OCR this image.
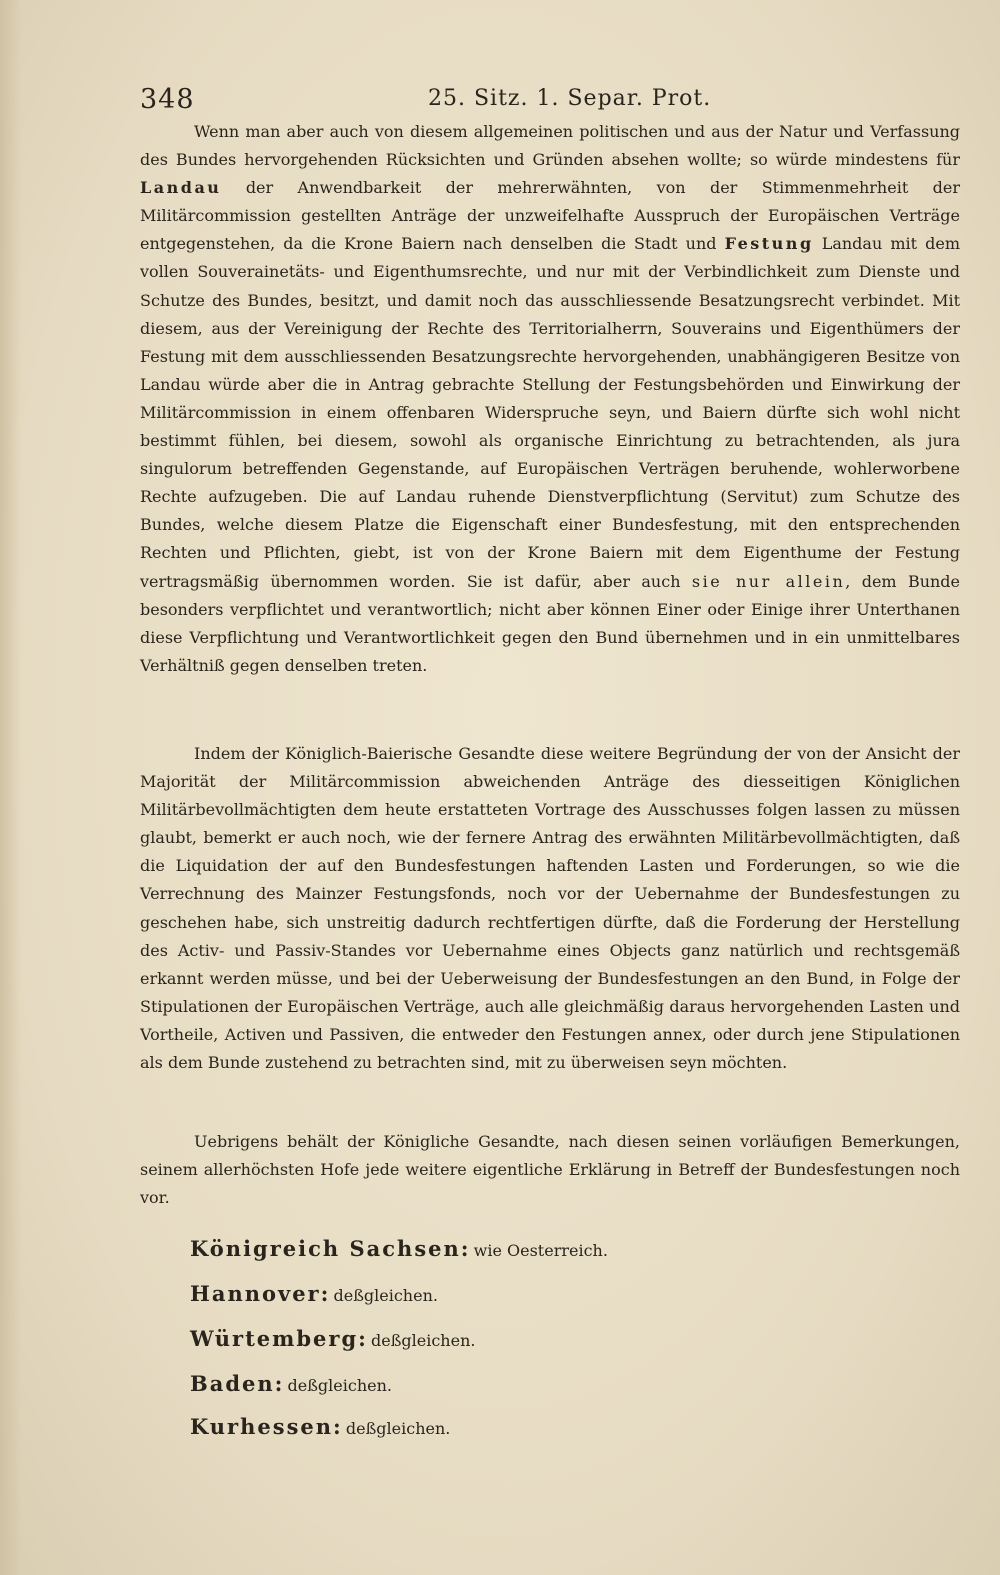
348	25. Sitz. 1. Separ. Prot.

Wenn man aber auch von diesem allgemeinen politischen und aus der Natur und Verfassung des Bundes hervorgehenden Rücksichten und Gründen absehen wollte; so würde mindestens für Landau der Anwendbarkeit der mehrerwähnten, von der Stimmenmehrheit der Militärcommission gestellten Anträge der unzweifelhafte Ausspruch der Europäischen Verträge entgegenstehen, da die Krone Baiern nach denselben die Stadt und Festung Landau mit dem vollen Souverainetäts- und Eigenthumsrechte, und nur mit der Verbindlichkeit zum Dienste und Schutze des Bundes, besitzt, und damit noch das ausschliessende Besatzungsrecht verbindet. Mit diesem, aus der Vereinigung der Rechte des Territorialherrn, Souverains und Eigenthümers der Festung mit dem ausschliessenden Besatzungsrechte hervorgehenden, unabhängigeren Besitze von Landau würde aber die in Antrag gebrachte Stellung der Festungsbehörden und Einwirkung der Militärcommission in einem offenbaren Widerspruche seyn, und Baiern dürfte sich wohl nicht bestimmt fühlen, bei diesem, sowohl als organische Einrichtung zu betrachtenden, als jura singulorum betreffenden Gegenstande, auf Europäischen Verträgen beruhende, wohlerworbene Rechte aufzugeben. Die auf Landau ruhende Dienstverpflichtung (Servitut) zum Schutze des Bundes, welche diesem Platze die Eigenschaft einer Bundesfestung, mit den entsprechenden Rechten und Pflichten, giebt, ist von der Krone Baiern mit dem Eigenthume der Festung vertragsmäßig übernommen worden. Sie ist dafür, aber auch sie nur allein, dem Bunde besonders verpflichtet und verantwortlich; nicht aber können Einer oder Einige ihrer Unterthanen diese Verpflichtung und Verantwortlichkeit gegen den Bund übernehmen und in ein unmittelbares Verhältniß gegen denselben treten.

Indem der Königlich-Baierische Gesandte diese weitere Begründung der von der Ansicht der Majorität der Militärcommission abweichenden Anträge des diesseitigen Königlichen Militärbevollmächtigten dem heute erstatteten Vortrage des Ausschusses folgen lassen zu müssen glaubt, bemerkt er auch noch, wie der fernere Antrag des erwähnten Militärbevollmächtigten, daß die Liquidation der auf den Bundesfestungen haftenden Lasten und Forderungen, so wie die Verrechnung des Mainzer Festungsfonds, noch vor der Uebernahme der Bundesfestungen zu geschehen habe, sich unstreitig dadurch rechtfertigen dürfte, daß die Forderung der Herstellung des Activ- und Passiv-Standes vor Uebernahme eines Objects ganz natürlich und rechtsgemäß erkannt werden müsse, und bei der Ueberweisung der Bundesfestungen an den Bund, in Folge der Stipulationen der Europäischen Verträge, auch alle gleichmäßig daraus hervorgehenden Lasten und Vortheile, Activen und Passiven, die entweder den Festungen annex, oder durch jene Stipulationen als dem Bunde zustehend zu betrachten sind, mit zu überweisen seyn möchten.

Uebrigens behält der Königliche Gesandte, nach diesen seinen vorläufigen Bemerkungen, seinem allerhöchsten Hofe jede weitere eigentliche Erklärung in Betreff der Bundesfestungen noch vor.

Königreich Sachsen: wie Oesterreich.
Hannover: deßgleichen.
Würtemberg: deßgleichen.
Baden: deßgleichen.
Kurhessen: deßgleichen.
